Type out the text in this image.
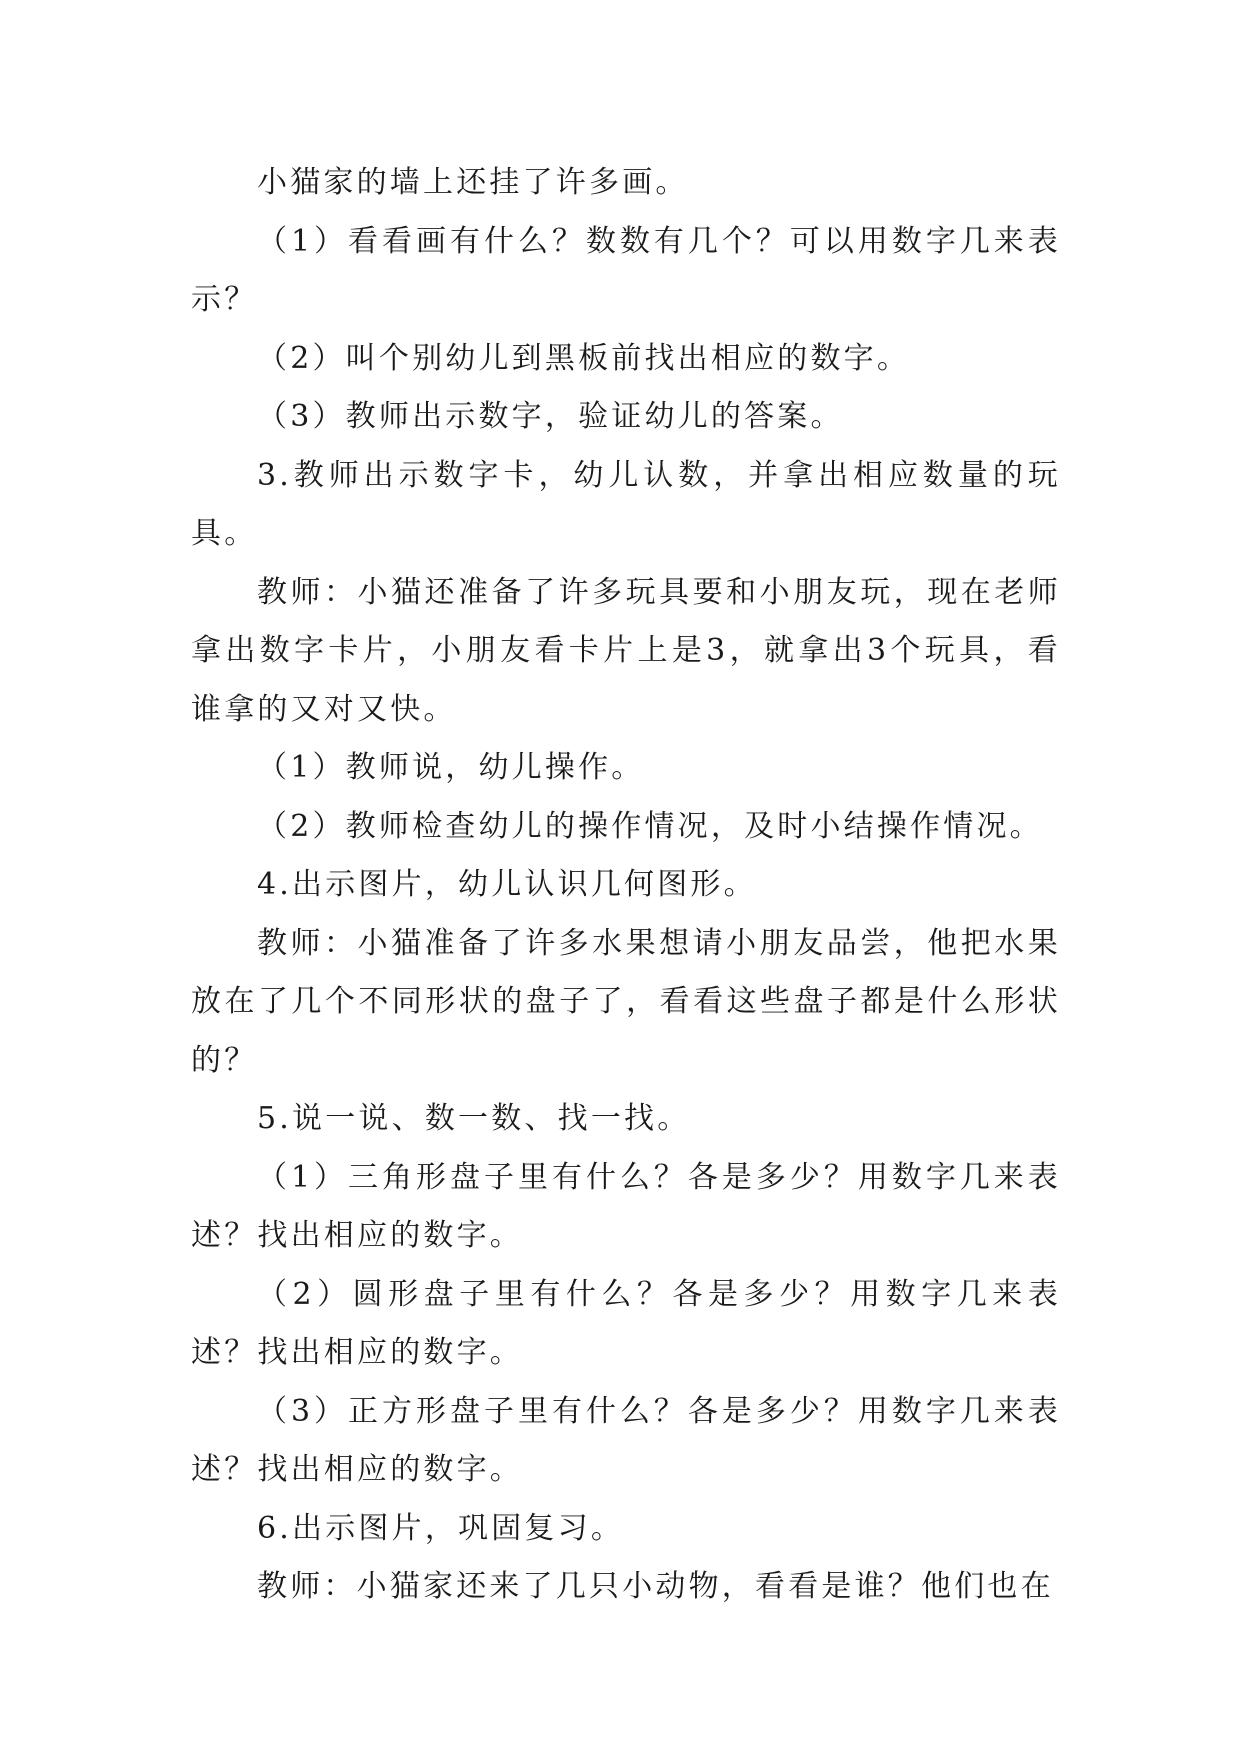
小猫家的墙上还挂了许多画。

（1）看看画有什么？数数有几个？可以用数字几来表示？

（2）叫个别幼儿到黑板前找出相应的数字。

（3）教师出示数字，验证幼儿的答案。

3.教师出示数字卡，幼儿认数，并拿出相应数量的玩具。

教师：小猫还准备了许多玩具要和小朋友玩，现在老师拿出数字卡片，小朋友看卡片上是3，就拿出3个玩具，看谁拿的又对又快。

（1）教师说，幼儿操作。

（2）教师检查幼儿的操作情况，及时小结操作情况。

4.出示图片，幼儿认识几何图形。

教师：小猫准备了许多水果想请小朋友品尝，他把水果放在了几个不同形状的盘子了，看看这些盘子都是什么形状的？

5.说一说、数一数、找一找。

（1）三角形盘子里有什么？各是多少？用数字几来表述？找出相应的数字。

（2）圆形盘子里有什么？各是多少？用数字几来表述？找出相应的数字。

（3）正方形盘子里有什么？各是多少？用数字几来表述？找出相应的数字。

6.出示图片，巩固复习。

教师：小猫家还来了几只小动物，看看是谁？他们也在
